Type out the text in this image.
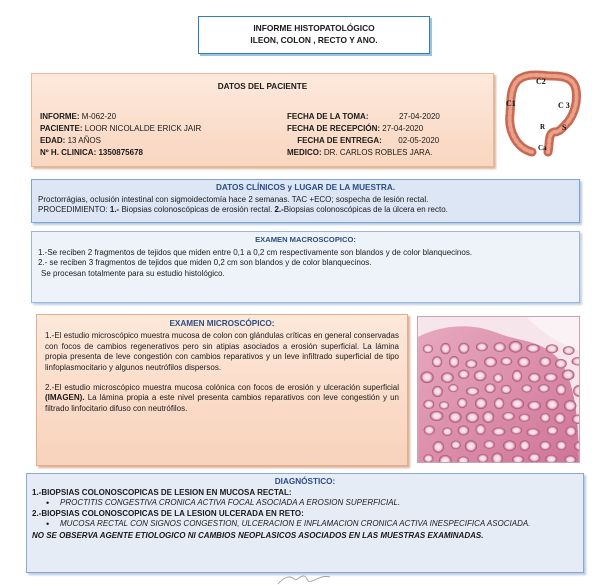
INFORME HISTOPATOLÓGICO
ILEON, COLON , RECTO Y ANO.
DATOS DEL PACIENTE
INFORME: M-062-20
PACIENTE: LOOR NICOLALDE ERICK JAIR
EDAD: 13 AÑOS
Nº H. CLINICA: 1350875678
FECHA DE LA TOMA:	27-04-2020
FECHA DE RECEPCIÓN: 27-04-2020
FECHA DE ENTREGA: 02-05-2020
MEDICO: DR. CARLOS ROBLES JARA.
C2
C1	C 3
R S
Ca
DATOS CLÍNICOS y LUGAR DE LA MUESTRA.
Proctorrágias, oclusión intestinal con sigmoidectomía hace 2 semanas. TAC +ECO; sospecha de lesión rectal.
PROCEDIMIENTO: 1.- Biopsias colonoscópicas de erosión rectal. 2.-Biopsias colonoscópicas de la úlcera en recto.
EXAMEN MACROSCOPICO:
1.-Se reciben 2 fragmentos de tejidos que miden entre 0,1 a 0,2 cm respectivamente son blandos y de color blanquecinos.
2.- se reciben 3 fragmentos de tejidos que miden 0,2 cm son blandos y de color blanquecinos.
Se procesan totalmente para su estudio histológico.
EXAMEN MICROSCÓPICO:

1.-El estudio microscópico muestra mucosa de colon con glándulas críticas en general conservadas con focos de cambios regenerativos pero sin atipias asociados a erosión superficial. La lámina propia presenta de leve congestión con cambios reparativos y un leve infiltrado superficial de tipo linfoplasmocitario y algunos neutrófilos dispersos.

2.-El estudio microscópico muestra mucosa colónica con focos de erosión y ulceración superficial (IMAGEN). La lámina propia a este nivel presenta cambios reparativos con leve congestión y un filtrado linfocitario difuso con neutrófilos.

DIAGNÓSTICO:
1.-BIOPSIAS COLONOSCOPICAS DE LESION EN MUCOSA RECTAL:
• PROCTITIS CONGESTIVA CRONICA ACTIVA FOCAL ASOCIADA A EROSION SUPERFICIAL.
2.-BIOPSIAS COLONOSCOPICAS DE LA LESION ULCERADA EN RETO:
• MUCOSA RECTAL CON SIGNOS CONGESTION, ULCERACION E INFLAMACION CRONICA ACTIVA INESPECIFICA ASOCIADA.
NO SE OBSERVA AGENTE ETIOLOGICO NI CAMBIOS NEOPLASICOS ASOCIADOS EN LAS MUESTRAS EXAMINADAS.
